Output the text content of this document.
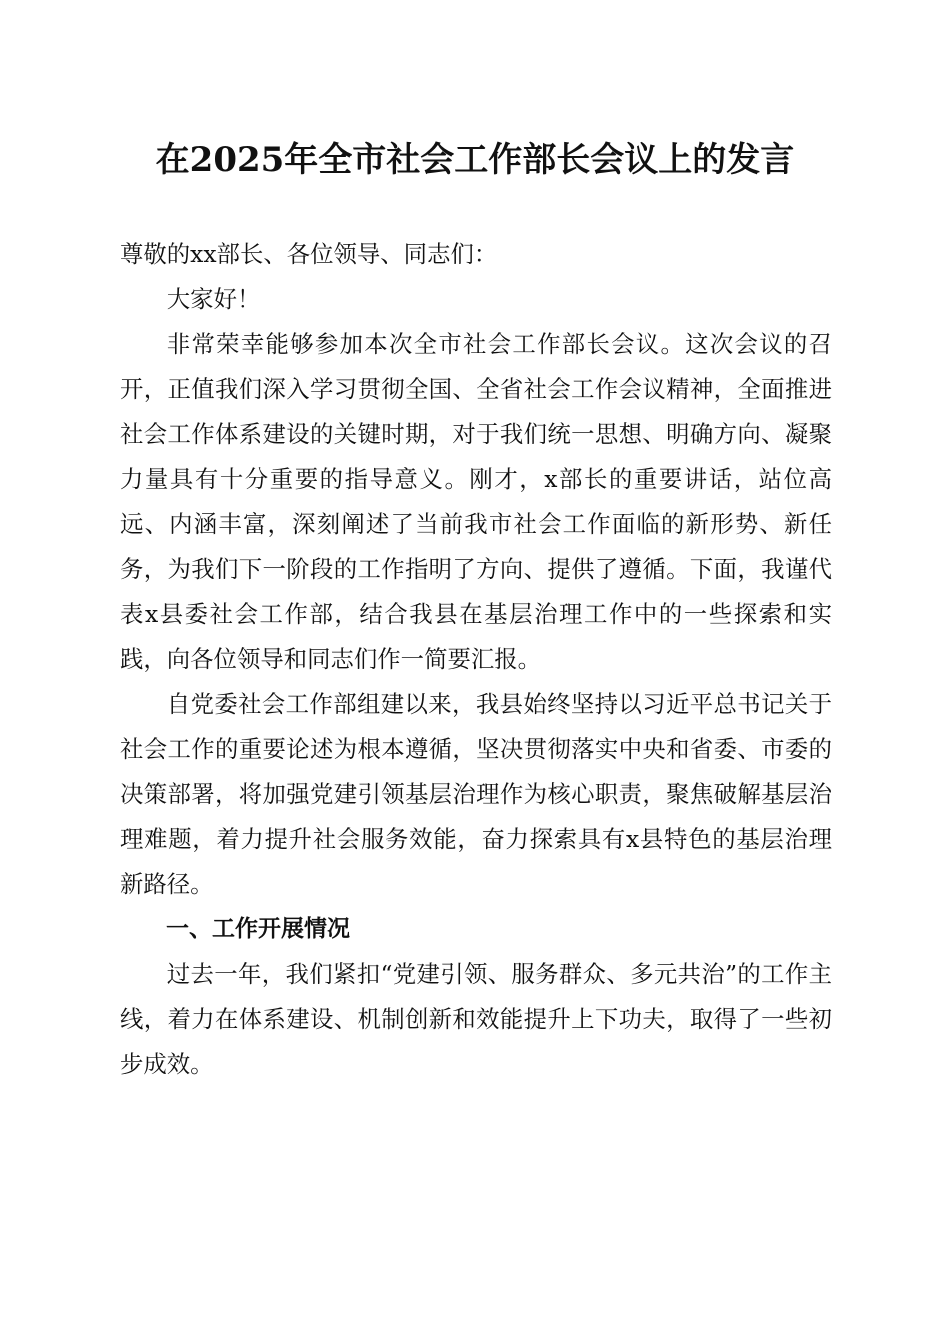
在2025年全市社会工作部长会议上的发言

尊敬的xx部长、各位领导、同志们：

大家好！

非常荣幸能够参加本次全市社会工作部长会议。这次会议的召开，正值我们深入学习贯彻全国、全省社会工作会议精神，全面推进社会工作体系建设的关键时期，对于我们统一思想、明确方向、凝聚力量具有十分重要的指导意义。刚才，x部长的重要讲话，站位高远、内涵丰富，深刻阐述了当前我市社会工作面临的新形势、新任务，为我们下一阶段的工作指明了方向、提供了遵循。下面，我谨代表x县委社会工作部，结合我县在基层治理工作中的一些探索和实践，向各位领导和同志们作一简要汇报。

自党委社会工作部组建以来，我县始终坚持以习近平总书记关于社会工作的重要论述为根本遵循，坚决贯彻落实中央和省委、市委的决策部署，将加强党建引领基层治理作为核心职责，聚焦破解基层治理难题，着力提升社会服务效能，奋力探索具有x县特色的基层治理新路径。

一、工作开展情况

过去一年，我们紧扣“党建引领、服务群众、多元共治”的工作主线，着力在体系建设、机制创新和效能提升上下功夫，取得了一些初步成效。
